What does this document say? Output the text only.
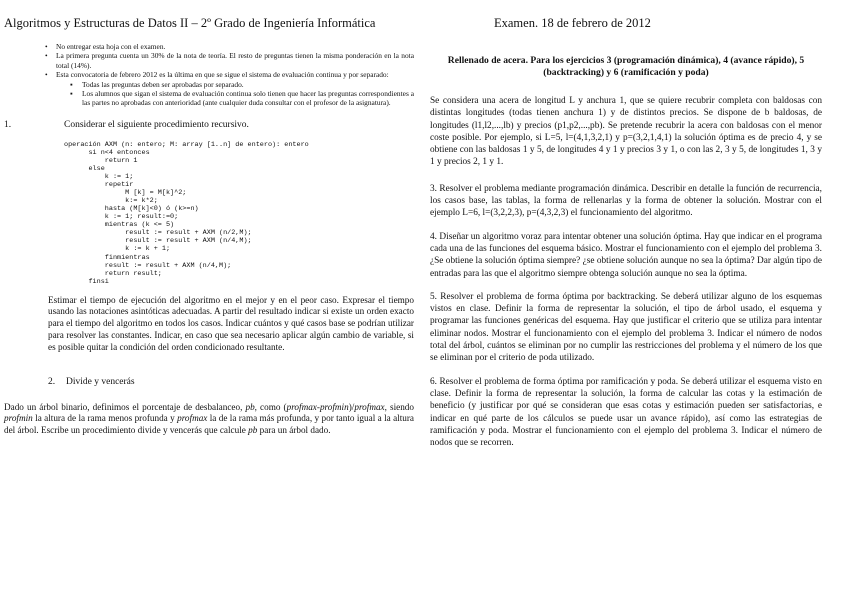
Algoritmos y Estructuras de Datos II – 2º Grado de Ingeniería Informática	Examen. 18 de febrero de 2012
• No entregar esta hoja con el examen.
• La primera pregunta cuenta un 30% de la nota de teoría. El resto de preguntas tienen la misma ponderación en la nota total (14%).
• Esta convocatoria de febrero 2012 es la última en que se sigue el sistema de evaluación continua y por separado:
▪ Todas las preguntas deben ser aprobadas por separado.
▪ Los alumnos que sigan el sistema de evaluación continua solo tienen que hacer las preguntas correspondientes a las partes no aprobadas con anterioridad (ante cualquier duda consultar con el profesor de la asignatura).
1.	Considerar el siguiente procedimiento recursivo.
operación AXM (n: entero; M: array [1..n] de entero): entero
si n<4 entonces
return 1
else
k := 1;
repetir
M [k] = M[k]^2;
k:= k*2;
hasta (M[k]<0) ó (k>=n)
k := 1; result:=0;
mientras (k <= 5)
result := result + AXM (n/2,M);
result := result + AXM (n/4,M);
k := k + 1;
finmientras
result := result + AXM (n/4,M);
return result;
finsi

Estimar el tiempo de ejecución del algoritmo en el mejor y en el peor caso. Expresar el tiempo usando las notaciones asintóticas adecuadas. A partir del resultado indicar si existe un orden exacto para el tiempo del algoritmo en todos los casos. Indicar cuántos y qué casos base se podrían utilizar para resolver las constantes. Indicar, en caso que sea necesario aplicar algún cambio de variable, si es posible quitar la condición del orden condicionado resultante.

2. Divide y vencerás

Dado un árbol binario, definimos el porcentaje de desbalanceo, pb, como (profmax-profmin)/profmax, siendo profmin la altura de la rama menos profunda y profmax la de la rama más profunda, y por tanto igual a la altura del árbol. Escribe un procedimiento divide y vencerás que calcule pb para un árbol dado.

Rellenado de acera. Para los ejercicios 3 (programación dinámica), 4 (avance rápido), 5 (backtracking) y 6 (ramificación y poda)

Se considera una acera de longitud L y anchura 1, que se quiere recubrir completa con baldosas con distintas longitudes (todas tienen anchura 1) y de distintos precios. Se dispone de b baldosas, de longitudes (l1,l2,...,lb) y precios (p1,p2,...,pb). Se pretende recubrir la acera con baldosas con el menor coste posible. Por ejemplo, si L=5, l=(4,1,3,2,1) y p=(3,2,1,4,1) la solución óptima es de precio 4, y se obtiene con las baldosas 1 y 5, de longitudes 4 y 1 y precios 3 y 1, o con las 2, 3 y 5, de longitudes 1, 3 y 1 y precios 2, 1 y 1.

3. Resolver el problema mediante programación dinámica. Describir en detalle la función de recurrencia, los casos base, las tablas, la forma de rellenarlas y la forma de obtener la solución. Mostrar con el ejemplo L=6, l=(3,2,2,3), p=(4,3,2,3) el funcionamiento del algoritmo.

4. Diseñar un algoritmo voraz para intentar obtener una solución óptima. Hay que indicar en el programa cada una de las funciones del esquema básico. Mostrar el funcionamiento con el ejemplo del problema 3. ¿Se obtiene la solución óptima siempre? ¿se obtiene solución aunque no sea la óptima? Dar algún tipo de entradas para las que el algoritmo siempre obtenga solución aunque no sea la óptima.

5. Resolver el problema de forma óptima por backtracking. Se deberá utilizar alguno de los esquemas vistos en clase. Definir la forma de representar la solución, el tipo de árbol usado, el esquema y programar las funciones genéricas del esquema. Hay que justificar el criterio que se utiliza para intentar eliminar nodos. Mostrar el funcionamiento con el ejemplo del problema 3. Indicar el número de nodos total del árbol, cuántos se eliminan por no cumplir las restricciones del problema y el número de los que se eliminan por el criterio de poda utilizado.

6. Resolver el problema de forma óptima por ramificación y poda. Se deberá utilizar el esquema visto en clase. Definir la forma de representar la solución, la forma de calcular las cotas y la estimación de beneficio (y justificar por qué se consideran que esas cotas y estimación pueden ser satisfactorias, e indicar en qué parte de los cálculos se puede usar un avance rápido), así como las estrategias de ramificación y poda. Mostrar el funcionamiento con el ejemplo del problema 3. Indicar el número de nodos que se recorren.
